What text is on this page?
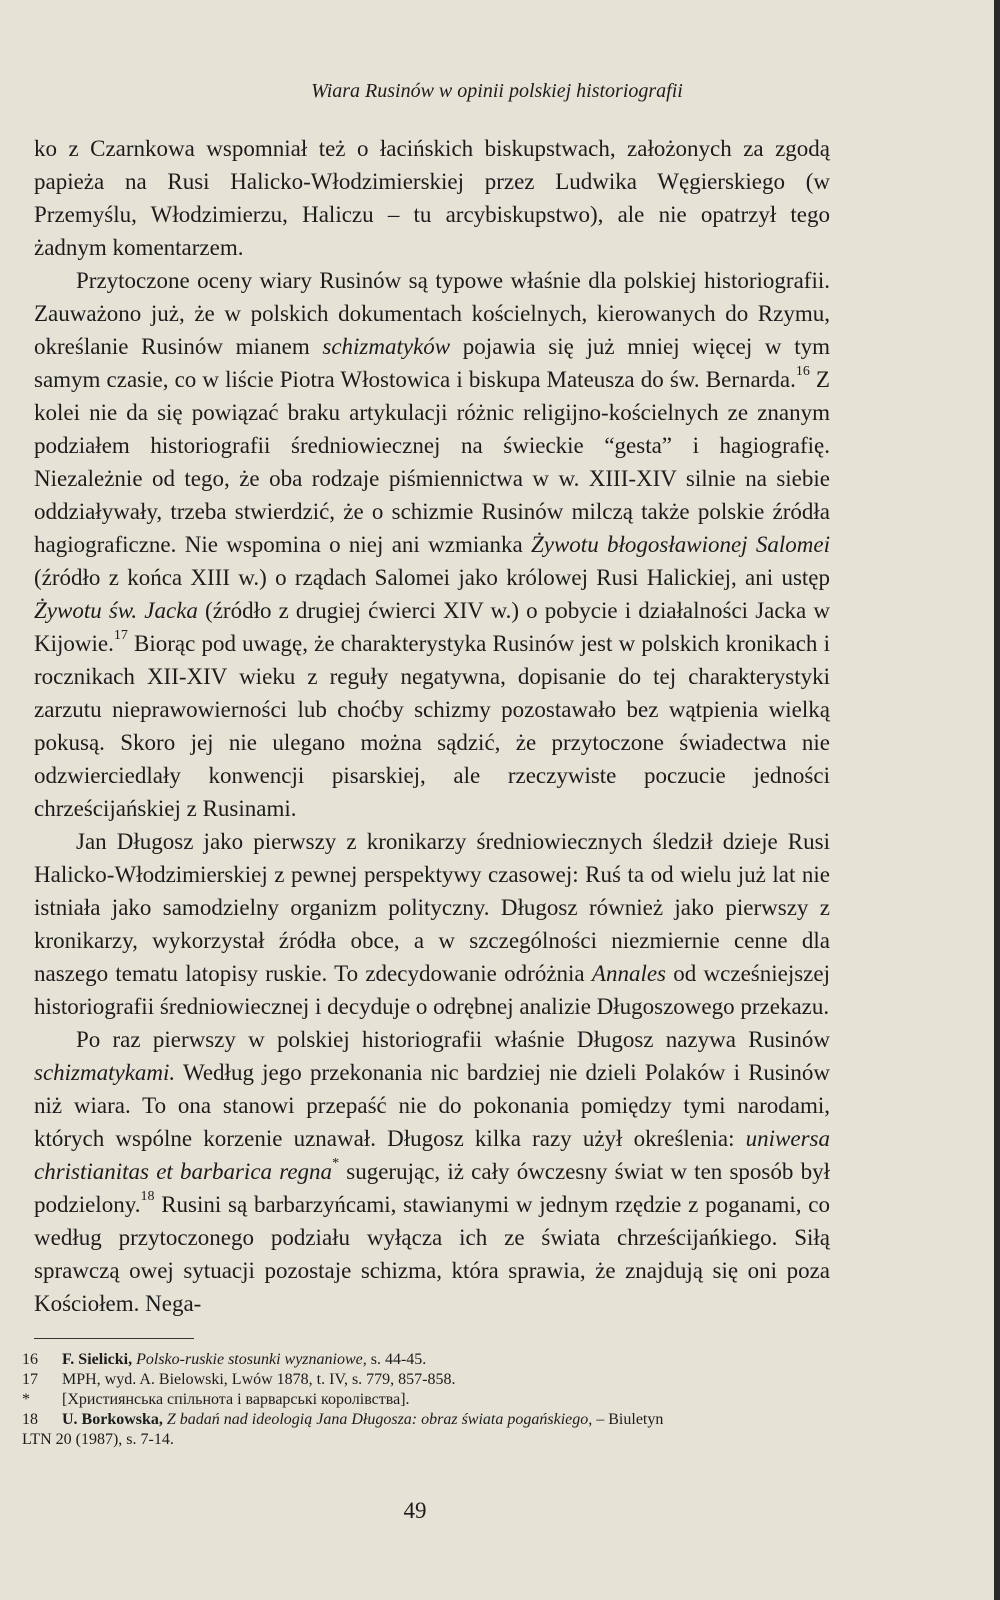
Wiara Rusinów w opinii polskiej historiografii

ko z Czarnkowa wspomniał też o łacińskich biskupstwach, założonych za zgodą papieża na Rusi Halicko-Włodzimierskiej przez Ludwika Węgierskiego (w Przemyślu, Włodzimierzu, Haliczu – tu arcybiskupstwo), ale nie opatrzył tego żadnym komentarzem.

Przytoczone oceny wiary Rusinów są typowe właśnie dla polskiej historiografii. Zauważono już, że w polskich dokumentach kościelnych, kierowanych do Rzymu, określanie Rusinów mianem schizmatyków pojawia się już mniej więcej w tym samym czasie, co w liście Piotra Włostowica i biskupa Mateusza do św. Bernarda.$^{16}$ Z kolei nie da się powiązać braku artykulacji różnic religijno-kościelnych ze znanym podziałem historiografii średniowiecznej na świeckie “gesta” i hagiografię. Niezależnie od tego, że oba rodzaje piśmiennictwa w w. XIII-XIV silnie na siebie oddziaływały, trzeba stwierdzić, że o schizmie Rusinów milczą także polskie źródła hagiograficzne. Nie wspomina o niej ani wzmianka Żywotu błogosławionej Salomei (źródło z końca XIII w.) o rządach Salomei jako królowej Rusi Halickiej, ani ustęp Żywotu św. Jacka (źródło z drugiej ćwierci XIV w.) o pobycie i działalności Jacka w Kijowie.$^{17}$ Biorąc pod uwagę, że charakterystyka Rusinów jest w polskich kronikach i rocznikach XII-XIV wieku z reguły negatywna, dopisanie do tej charakterystyki zarzutu nieprawowierności lub choćby schizmy pozostawało bez wątpienia wielką pokusą. Skoro jej nie ulegano można sądzić, że przytoczone świadectwa nie odzwierciedlały konwencji pisarskiej, ale rzeczywiste poczucie jedności chrześcijańskiej z Rusinami.

Jan Długosz jako pierwszy z kronikarzy średniowiecznych śledził dzieje Rusi Halicko-Włodzimierskiej z pewnej perspektywy czasowej: Ruś ta od wielu już lat nie istniała jako samodzielny organizm polityczny. Długosz również jako pierwszy z kronikarzy, wykorzystał źródła obce, a w szczególności niezmiernie cenne dla naszego tematu latopisy ruskie. To zdecydowanie odróżnia Annales od wcześniejszej historiografii średniowiecznej i decyduje o odrębnej analizie Długoszowego przekazu.

Po raz pierwszy w polskiej historiografii właśnie Długosz nazywa Rusinów schizmatykami. Według jego przekonania nic bardziej nie dzieli Polaków i Rusinów niż wiara. To ona stanowi przepaść nie do pokonania pomiędzy tymi narodami, których wspólne korzenie uznawał. Długosz kilka razy użył określenia: uniwersa christianitas et barbarica regna* sugerując, iż cały ówczesny świat w ten sposób był podzielony.$^{18}$ Rusini są barbarzyńcami, stawianymi w jednym rzędzie z poganami, co według przytoczonego podziału wyłącza ich ze świata chrześcijańkiego. Siłą sprawczą owej sytuacji pozostaje schizma, która sprawia, że znajdują się oni poza Kościołem. Nega-

16	F. Sielicki, Polsko-ruskie stosunki wyznaniowe, s. 44-45.
17	MPH, wyd. A. Bielowski, Lwów 1878, t. IV, s. 779, 857-858.
*	[Християнська спільнота і варварські королівства].
18	U. Borkowska, Z badań nad ideologią Jana Długosza: obraz świata pogańskiego, – Biuletyn
LTN 20 (1987), s. 7-14.
49
